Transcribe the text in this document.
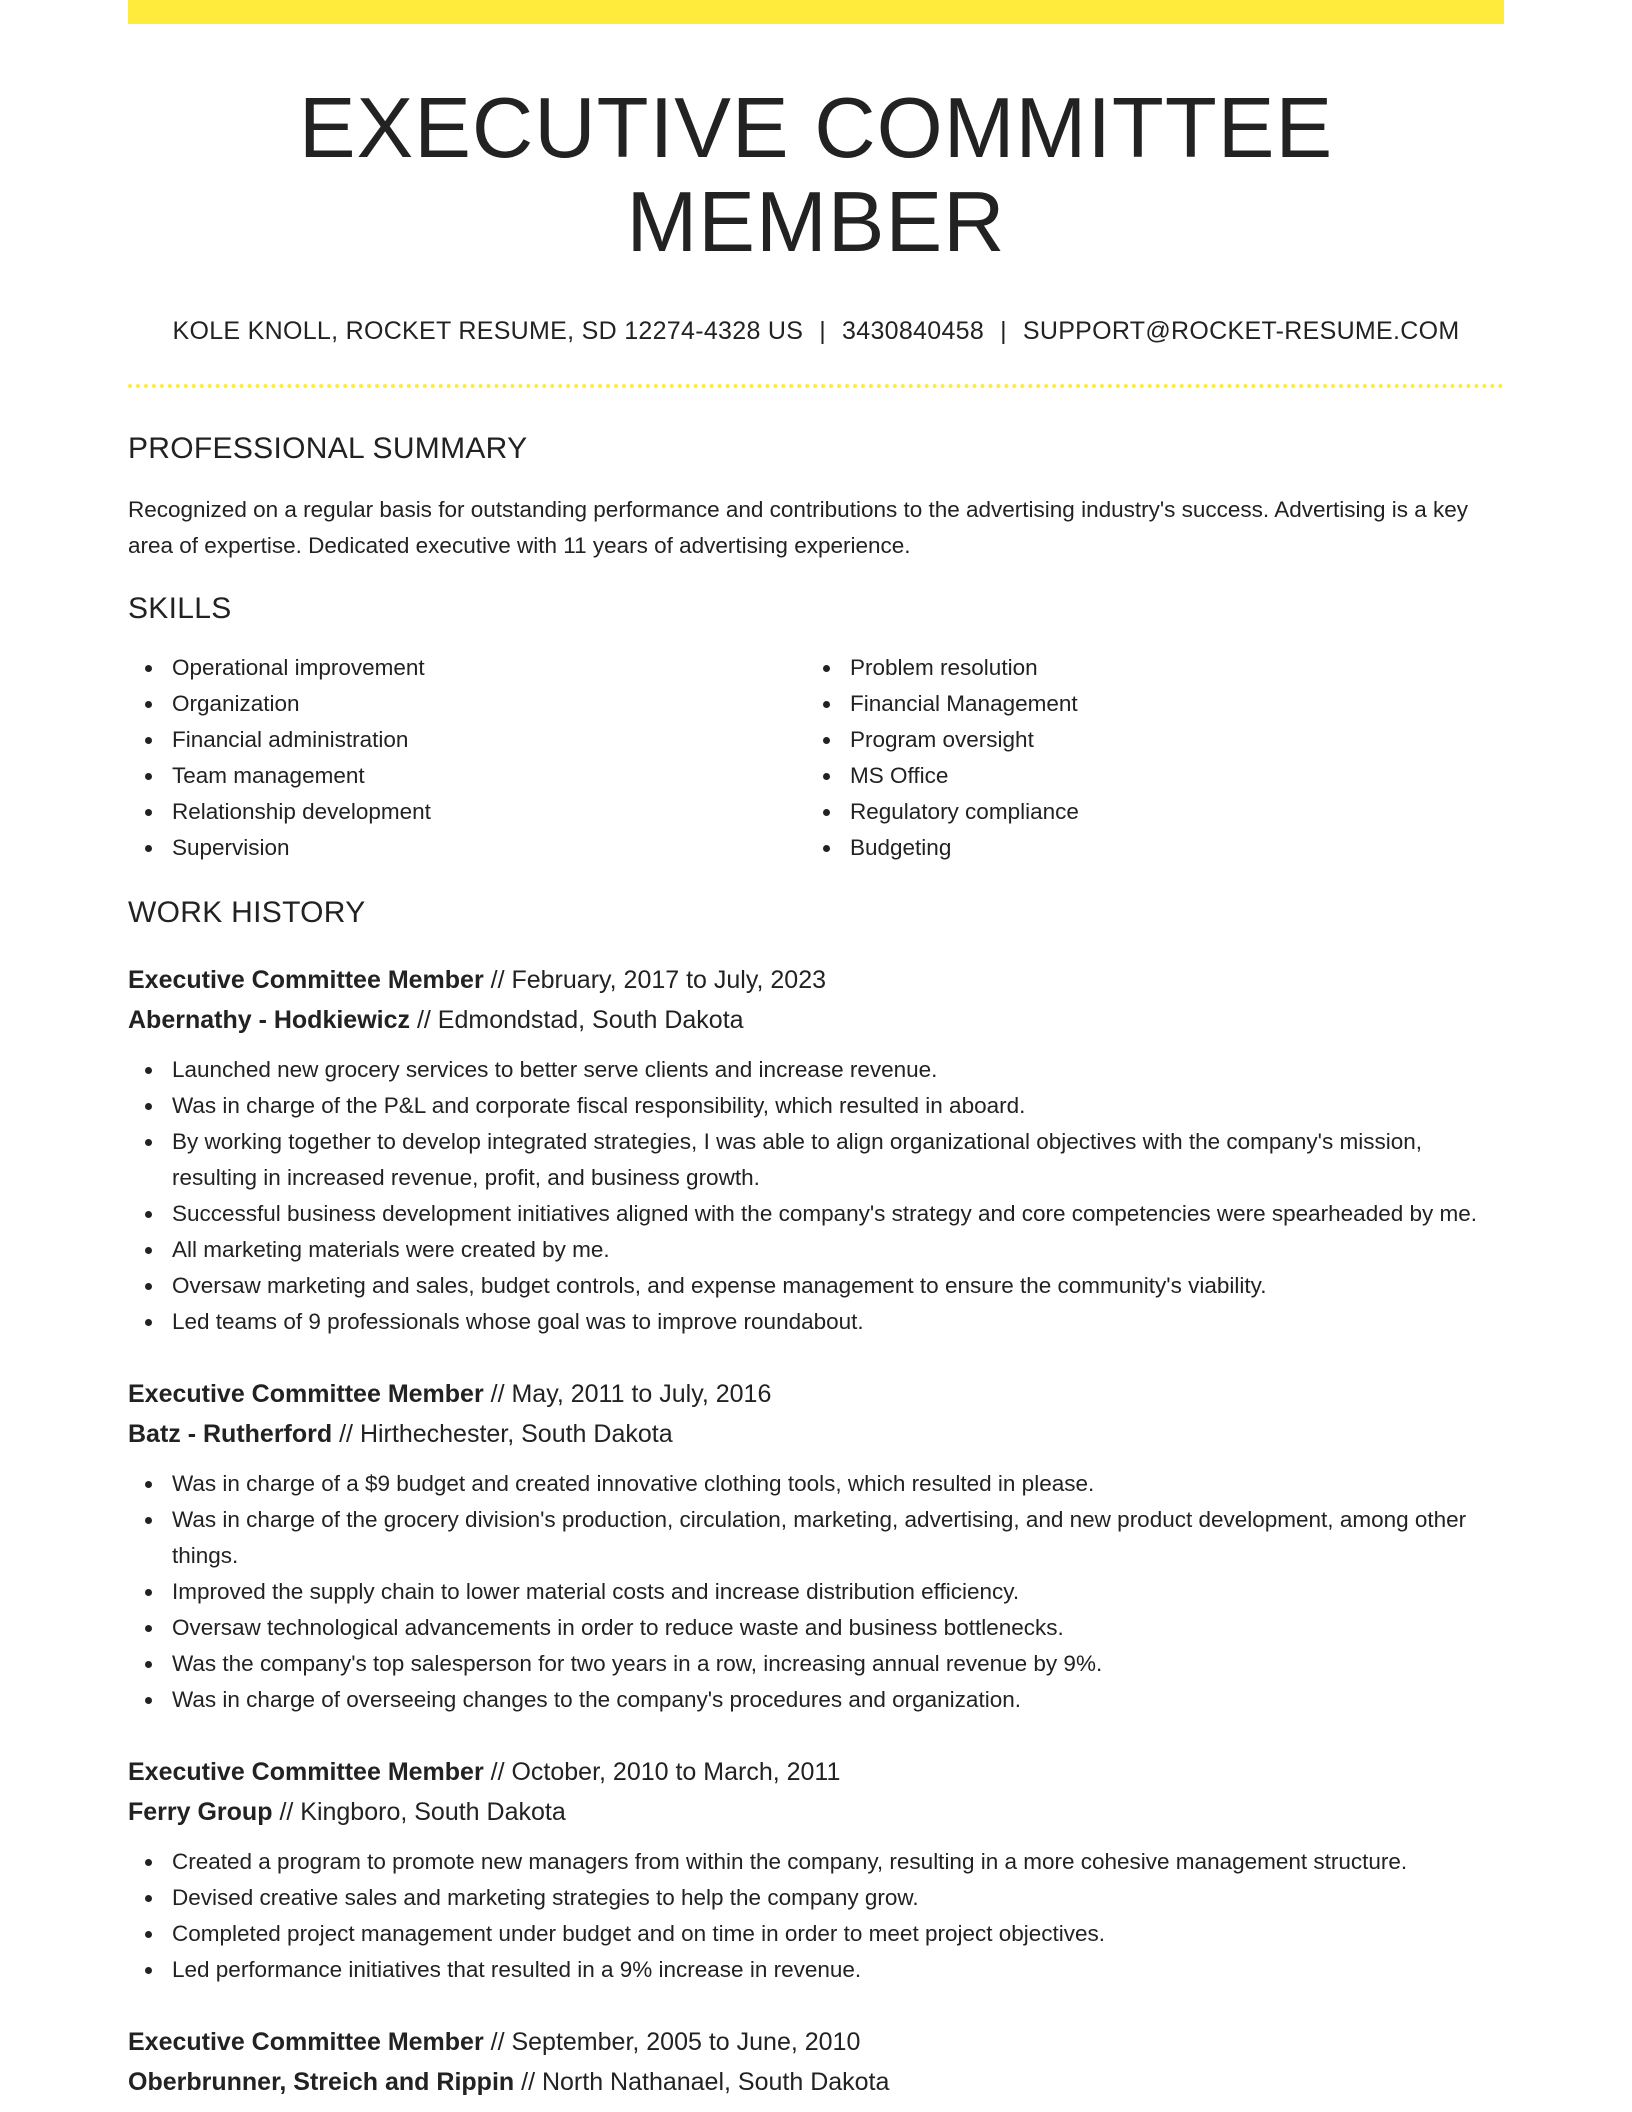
EXECUTIVE COMMITTEE MEMBER
KOLE KNOLL, ROCKET RESUME, SD 12274-4328 US | 3430840458 | SUPPORT@ROCKET-RESUME.COM
PROFESSIONAL SUMMARY

Recognized on a regular basis for outstanding performance and contributions to the advertising industry's success. Advertising is a key area of expertise. Dedicated executive with 11 years of advertising experience.

SKILLS
Operational improvement
Organization
Financial administration
Team management
Relationship development
Supervision
Problem resolution
Financial Management
Program oversight
MS Office
Regulatory compliance
Budgeting
WORK HISTORY
Executive Committee Member // February, 2017 to July, 2023
Abernathy - Hodkiewicz // Edmondstad, South Dakota
Launched new grocery services to better serve clients and increase revenue.
Was in charge of the P&L and corporate fiscal responsibility, which resulted in aboard.
By working together to develop integrated strategies, I was able to align organizational objectives with the company's mission, resulting in increased revenue, profit, and business growth.
Successful business development initiatives aligned with the company's strategy and core competencies were spearheaded by me.
All marketing materials were created by me.
Oversaw marketing and sales, budget controls, and expense management to ensure the community's viability.
Led teams of 9 professionals whose goal was to improve roundabout.
Executive Committee Member // May, 2011 to July, 2016
Batz - Rutherford // Hirthechester, South Dakota
Was in charge of a $9 budget and created innovative clothing tools, which resulted in please.
Was in charge of the grocery division's production, circulation, marketing, advertising, and new product development, among other things.
Improved the supply chain to lower material costs and increase distribution efficiency.
Oversaw technological advancements in order to reduce waste and business bottlenecks.
Was the company's top salesperson for two years in a row, increasing annual revenue by 9%.
Was in charge of overseeing changes to the company's procedures and organization.
Executive Committee Member // October, 2010 to March, 2011
Ferry Group // Kingboro, South Dakota
Created a program to promote new managers from within the company, resulting in a more cohesive management structure.
Devised creative sales and marketing strategies to help the company grow.
Completed project management under budget and on time in order to meet project objectives.
Led performance initiatives that resulted in a 9% increase in revenue.
Executive Committee Member // September, 2005 to June, 2010
Oberbrunner, Streich and Rippin // North Nathanael, South Dakota
